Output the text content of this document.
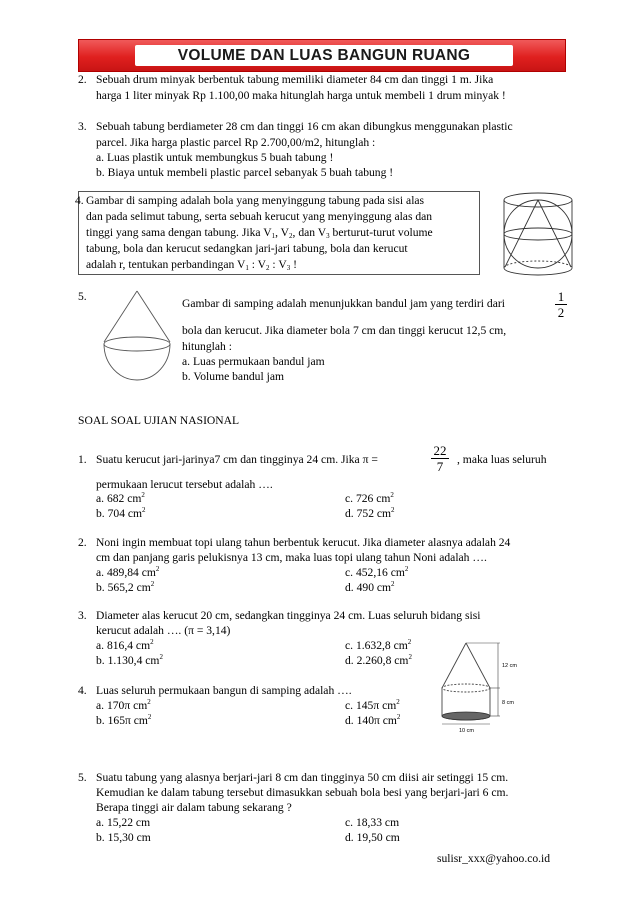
VOLUME DAN LUAS BANGUN RUANG
2. Sebuah drum minyak berbentuk tabung memiliki diameter 84 cm dan tinggi 1 m. Jika
harga 1 liter minyak Rp 1.100,00 maka hitunglah harga untuk membeli 1 drum minyak !
3. Sebuah tabung berdiameter 28 cm dan tinggi 16 cm akan dibungkus menggunakan plastic
parcel. Jika harga plastic parcel Rp 2.700,00/m2, hitunglah :
a. Luas plastik untuk membungkus 5 buah tabung !
b. Biaya untuk membeli plastic parcel sebanyak 5 buah tabung !
4. Gambar di samping adalah bola yang menyinggung tabung pada sisi alas
dan pada selimut tabung, serta sebuah kerucut yang menyinggung alas dan
tinggi yang sama dengan tabung. Jika $V_1$, $V_2$, dan $V_3$ berturut-turut volume
tabung, bola dan kerucut sedangkan jari-jari tabung, bola dan kerucut
adalah r, tentukan perbandingan $V_1$ : $V_2$ : $V_3$ !
5.
Gambar di samping adalah menunjukkan bandul jam yang terdiri dari	1
2
bola dan kerucut. Jika diameter bola 7 cm dan tinggi kerucut 12,5 cm,
hitunglah :
a. Luas permukaan bandul jam
b. Volume bandul jam
SOAL SOAL UJIAN NASIONAL
1. Suatu kerucut jari-jarinya7 cm dan tingginya 24 cm. Jika π =
22
7	, maka luas seluruh
permukaan lerucut tersebut adalah ….
a. 682 $cm^2$	c. 726 $cm^2$
b. 704 $cm^2$	d. 752 $cm^2$
2. Noni ingin membuat topi ulang tahun berbentuk kerucut. Jika diameter alasnya adalah 24
cm dan panjang garis pelukisnya 13 cm, maka luas topi ulang tahun Noni adalah ….
a. 489,84 $cm^2$	c. 452,16 $cm^2$
b. 565,2 $cm^2$	d. 490 $cm^2$
3. Diameter alas kerucut 20 cm, sedangkan tingginya 24 cm. Luas seluruh bidang sisi
kerucut adalah …. (π = 3,14)
a. 816,4 $cm^2$	c. 1.632,8 $cm^2$
b. 1.130,4 $cm^2$	d. 2.260,8 $cm^2$
4. Luas seluruh permukaan bangun di samping adalah ….
a. 170π $cm^2$	c. 145π $cm^2$
b. 165π $cm^2$	d. 140π $cm^2$
12 cm
8 cm
10 cm
5. Suatu tabung yang alasnya berjari-jari 8 cm dan tingginya 50 cm diisi air setinggi 15 cm.
Kemudian ke dalam tabung tersebut dimasukkan sebuah bola besi yang berjari-jari 6 cm.
Berapa tinggi air dalam tabung sekarang ?
a. 15,22 cm	c. 18,33 cm
b. 15,30 cm	d. 19,50 cm
sulisr_xxx@yahoo.co.id
